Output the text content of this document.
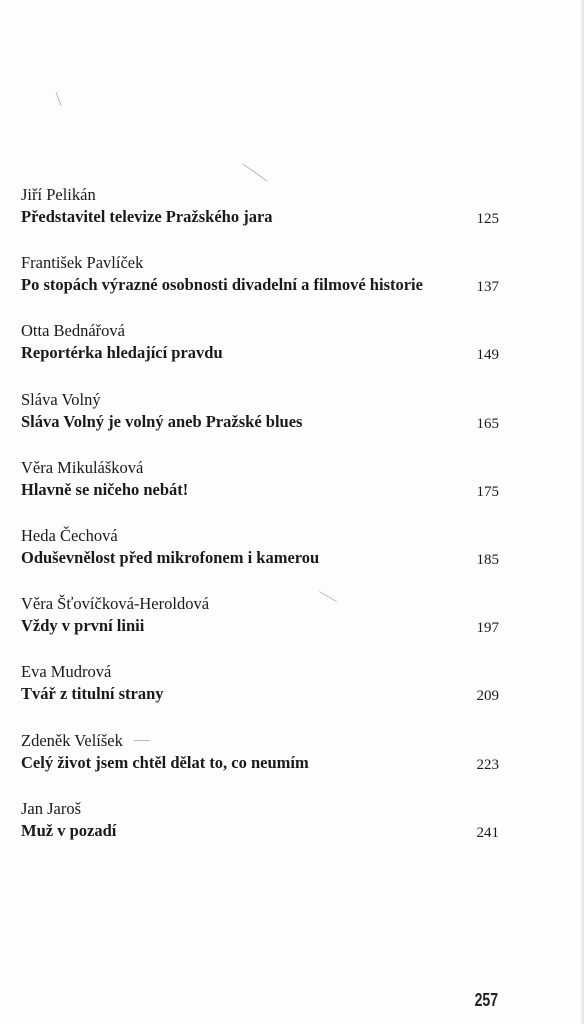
Jiří Pelikán
Představitel televize Pražského jara	125
František Pavlíček
Po stopách výrazné osobnosti divadelní a filmové historie	137
Otta Bednářová
Reportérka hledající pravdu	149
Sláva Volný
Sláva Volný je volný aneb Pražské blues	165
Věra Mikulášková
Hlavně se ničeho nebát!	175
Heda Čechová
Oduševnělost před mikrofonem i kamerou	185
Věra Šťovíčková-Heroldová
Vždy v první linii	197
Eva Mudrová
Tvář z titulní strany	209
Zdeněk Velíšek
Celý život jsem chtěl dělat to, co neumím	223
Jan Jaroš
Muž v pozadí	241
257
